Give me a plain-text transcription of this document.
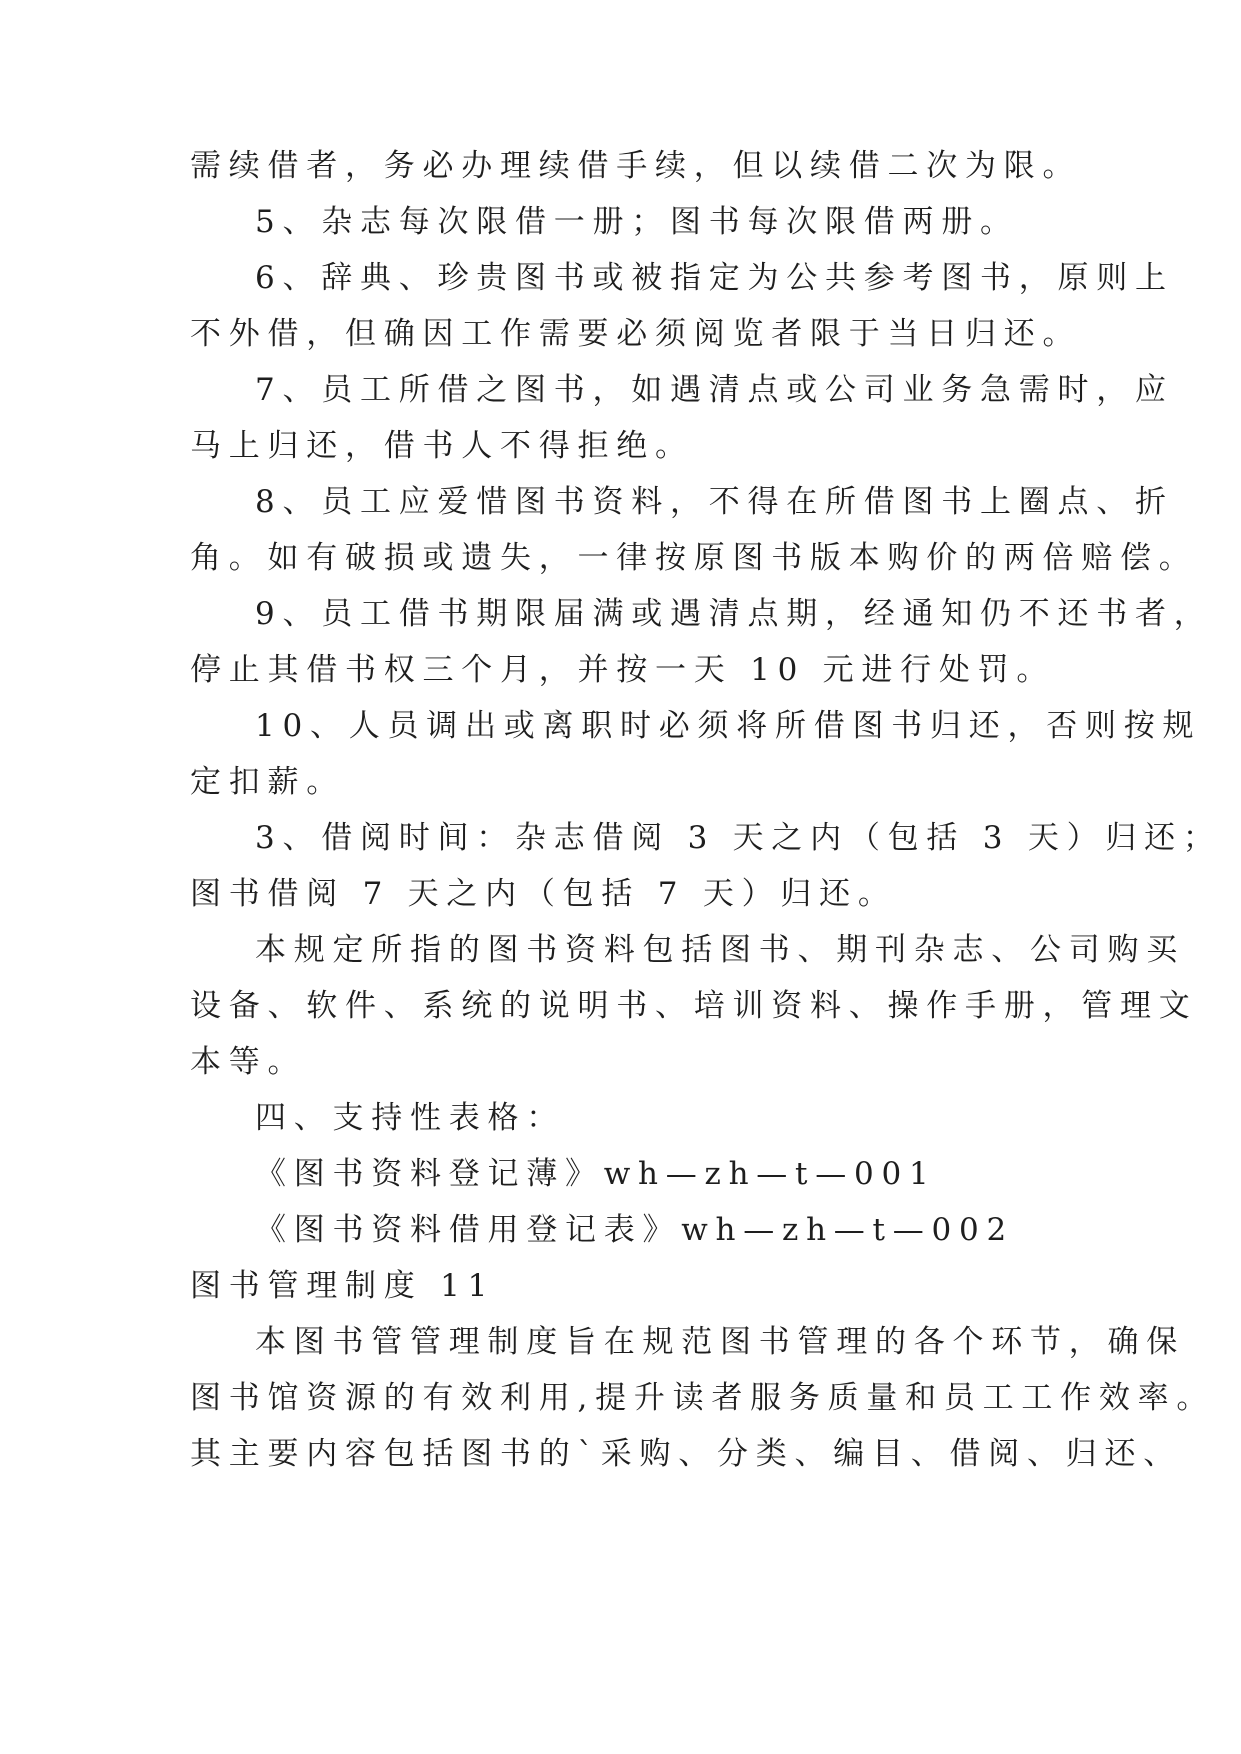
需续借者，务必办理续借手续，但以续借二次为限。
5、杂志每次限借一册；图书每次限借两册。
6、辞典、珍贵图书或被指定为公共参考图书，原则上
不外借，但确因工作需要必须阅览者限于当日归还。
7、员工所借之图书，如遇清点或公司业务急需时，应
马上归还，借书人不得拒绝。
8、员工应爱惜图书资料，不得在所借图书上圈点、折
角。如有破损或遗失，一律按原图书版本购价的两倍赔偿。
9、员工借书期限届满或遇清点期，经通知仍不还书者，
停止其借书权三个月，并按一天 10 元进行处罚。
10、人员调出或离职时必须将所借图书归还，否则按规
定扣薪。
3、借阅时间：杂志借阅 3 天之内（包括 3 天）归还；
图书借阅 7 天之内（包括 7 天）归还。
本规定所指的图书资料包括图书、期刊杂志、公司购买
设备、软件、系统的说明书、培训资料、操作手册，管理文
本等。
四、支持性表格：
《图书资料登记薄》wh—zh—t—001
《图书资料借用登记表》wh—zh—t—002
图书管理制度 11
本图书管管理制度旨在规范图书管理的各个环节，确保
图书馆资源的有效利用,提升读者服务质量和员工工作效率。
其主要内容包括图书的`采购、分类、编目、借阅、归还、
